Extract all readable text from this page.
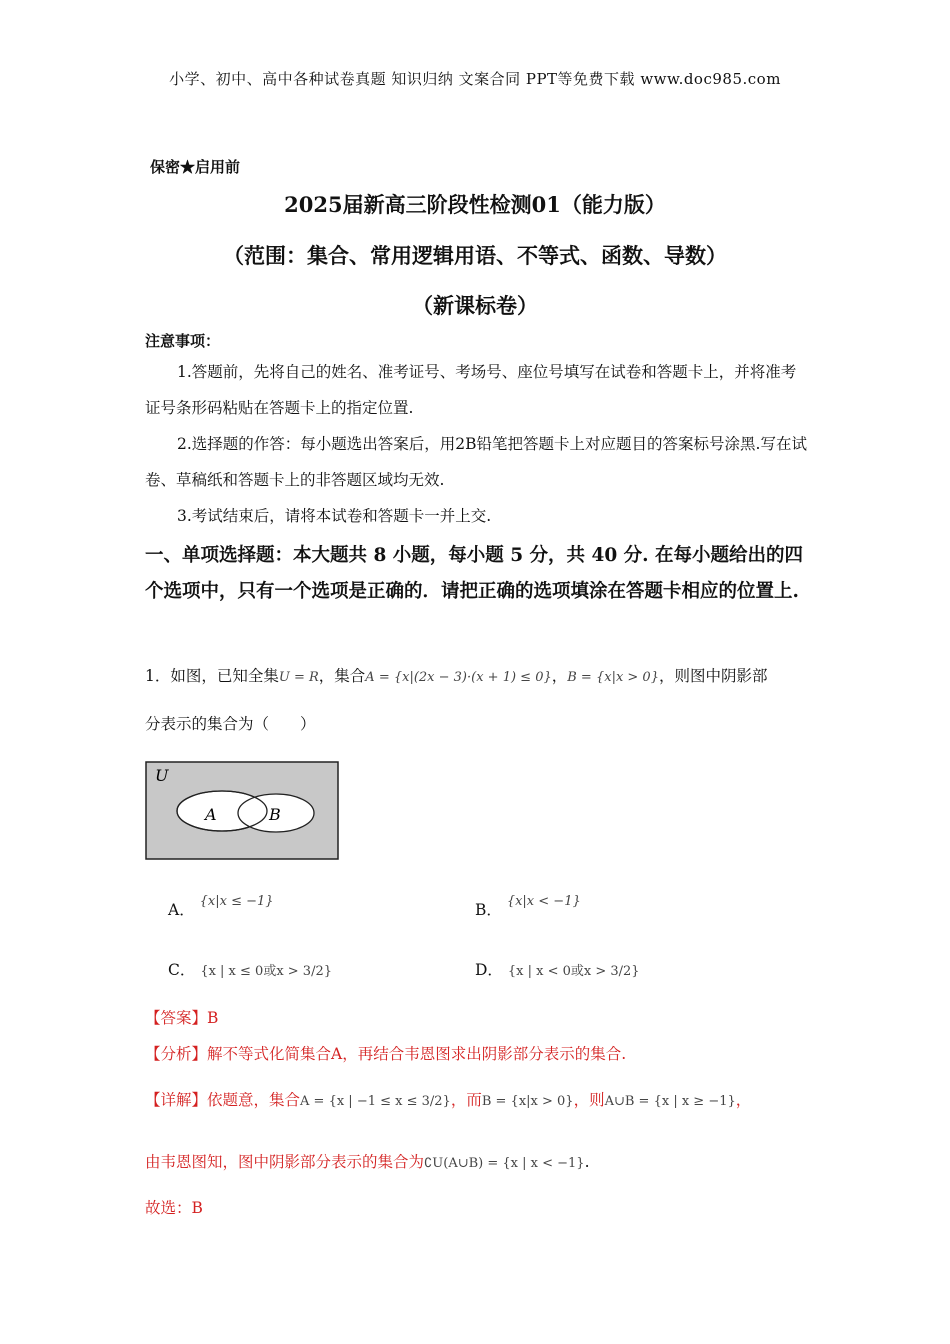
小学、初中、高中各种试卷真题 知识归纳 文案合同 PPT等免费下载 www.doc985.com
保密★启用前
2025届新高三阶段性检测01（能力版）
（范围：集合、常用逻辑用语、不等式、函数、导数）
（新课标卷）
注意事项：
1.答题前，先将自己的姓名、准考证号、考场号、座位号填写在试卷和答题卡上，并将准考证号条形码粘贴在答题卡上的指定位置.
2.选择题的作答：每小题选出答案后，用2B铅笔把答题卡上对应题目的答案标号涂黑.写在试卷、草稿纸和答题卡上的非答题区域均无效.
3.考试结束后，请将本试卷和答题卡一并上交.
一、单项选择题：本大题共 8 小题，每小题 5 分，共 40 分. 在每小题给出的四个选项中，只有一个选项是正确的．请把正确的选项填涂在答题卡相应的位置上.
1．如图，已知全集U = R，集合A = {x|(2x − 3)·(x + 1) ≤ 0}，B = {x|x > 0}，则图中阴影部
分表示的集合为（　　）
U
A	B
A． $^{\{x|x \le -1\}}$	B． $^{\{x|x < -1\}}$
C． {x | x ≤ 0或x > 3/2}	D． {x | x < 0或x > 3/2}
【答案】B
【分析】解不等式化简集合A，再结合韦恩图求出阴影部分表示的集合.
【详解】依题意，集合A = {x | −1 ≤ x ≤ 3/2}，而B = {x|x > 0}，则A∪B = {x | x ≥ −1}，
由韦恩图知，图中阴影部分表示的集合为∁U(A∪B) = {x | x < −1}.
故选：B
